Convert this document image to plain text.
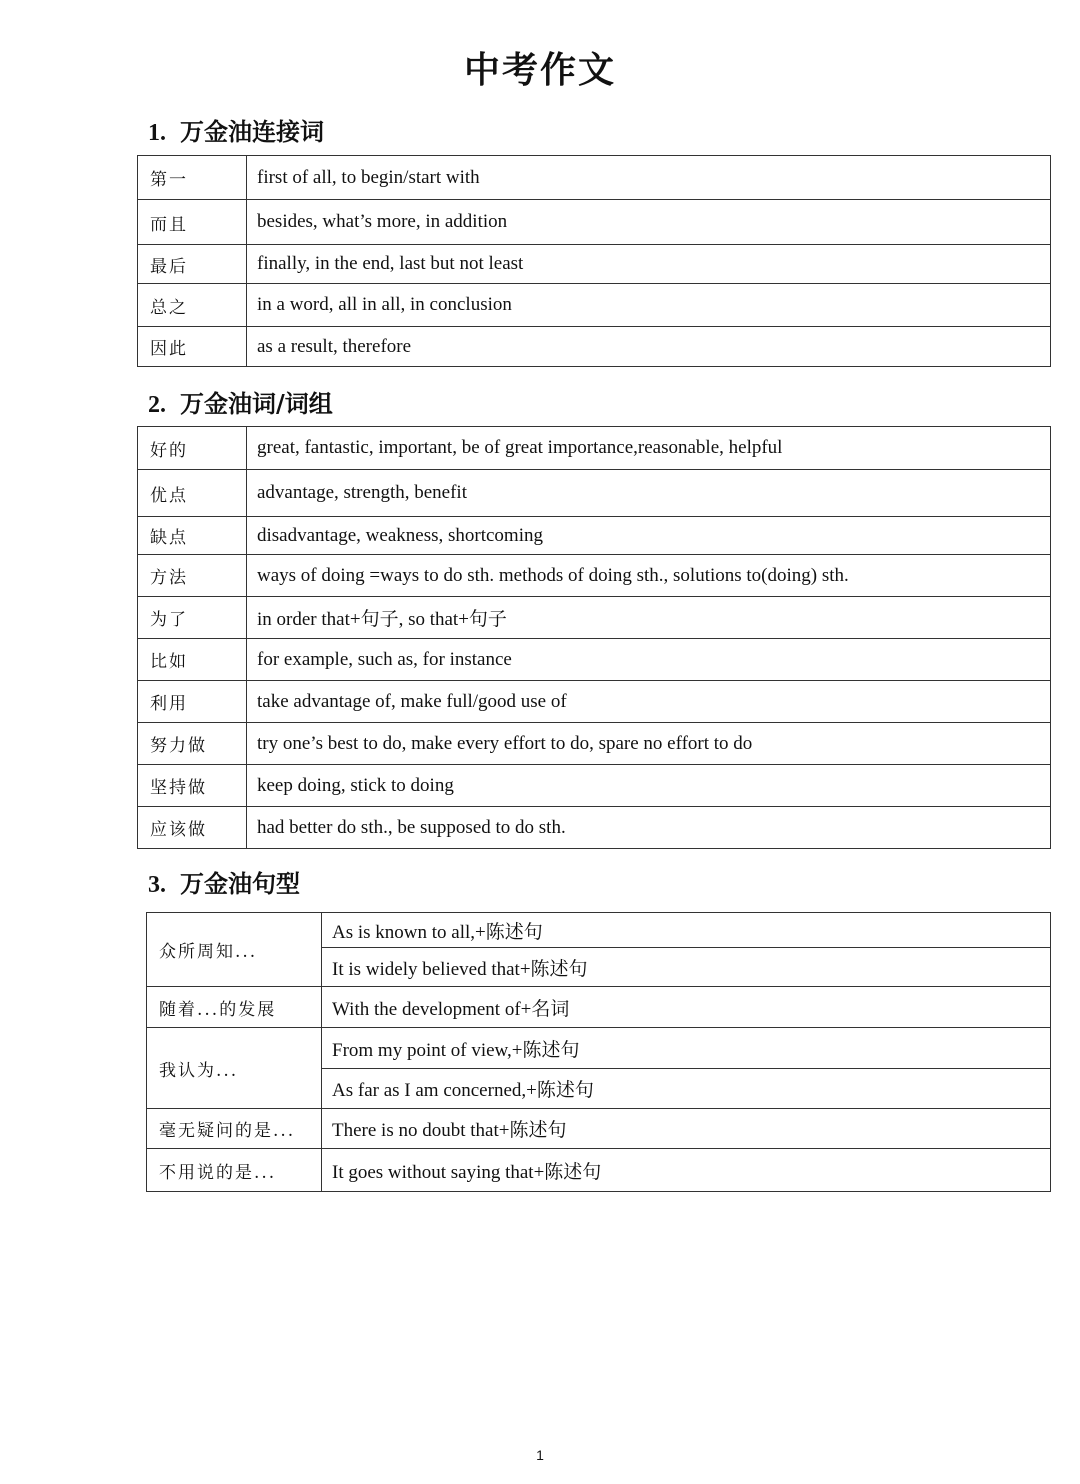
中考作文
1. 万金油连接词
第一	first of all, to begin/start with
而且	besides, what’s more, in addition
最后	finally, in the end, last but not least
总之	in a word, all in all, in conclusion
因此	as a result, therefore
2. 万金油词/词组
好的	great, fantastic, important, be of great importance,reasonable, helpful
优点	advantage, strength, benefit
缺点	disadvantage, weakness, shortcoming
方法	ways of doing =ways to do sth. methods of doing sth., solutions to(doing) sth.
为了	in order that+句子, so that+句子
比如	for example, such as, for instance
利用	take advantage of, make full/good use of
努力做	try one’s best to do, make every effort to do, spare no effort to do
坚持做	keep doing, stick to doing
应该做	had better do sth., be supposed to do sth.
3. 万金油句型
众所周知...	As is known to all,+陈述句
	It is widely believed that+陈述句
随着...的发展	With the development of+名词
我认为...	From my point of view,+陈述句
	As far as I am concerned,+陈述句
毫无疑问的是...	There is no doubt that+陈述句
不用说的是...	It goes without saying that+陈述句
1
